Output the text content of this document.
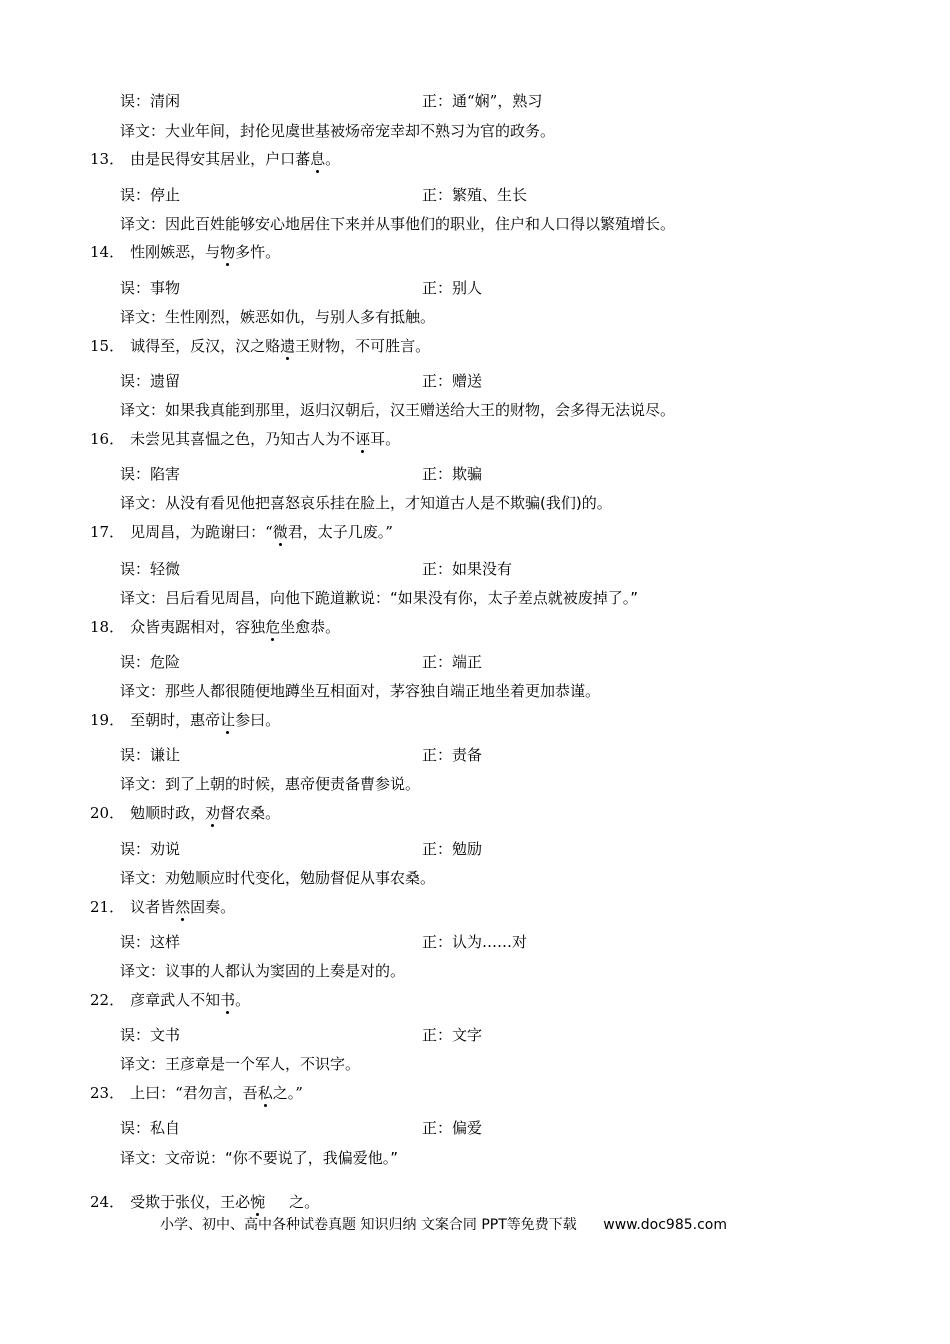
误：清闲	正：通“娴”，熟习
译文：大业年间，封伦见虞世基被炀帝宠幸却不熟习为官的政务。
13． 由是民得安其居业，户口蕃息。
误：停止	正：繁殖、生长
译文：因此百姓能够安心地居住下来并从事他们的职业，住户和人口得以繁殖增长。
14． 性刚嫉恶，与物多忤。
误：事物	正：别人
译文：生性刚烈，嫉恶如仇，与别人多有抵触。
15． 诚得至，反汉，汉之赂遗王财物，不可胜言。
误：遗留	正：赠送
译文：如果我真能到那里，返归汉朝后，汉王赠送给大王的财物，会多得无法说尽。
16． 未尝见其喜愠之色，乃知古人为不诬耳。
误：陷害	正：欺骗
译文：从没有看见他把喜怒哀乐挂在脸上，才知道古人是不欺骗(我们)的。
17． 见周昌，为跪谢曰：“微君，太子几废。”
误：轻微	正：如果没有
译文：吕后看见周昌，向他下跪道歉说：“如果没有你，太子差点就被废掉了。”
18． 众皆夷踞相对，容独危坐愈恭。
误：危险	正：端正
译文：那些人都很随便地蹲坐互相面对，茅容独自端正地坐着更加恭谨。
19． 至朝时，惠帝让参曰。
误：谦让	正：责备
译文：到了上朝的时候，惠帝便责备曹参说。
20． 勉顺时政，劝督农桑。
误：劝说	正：勉励
译文：劝勉顺应时代变化，勉励督促从事农桑。
21． 议者皆然固奏。
误：这样	正：认为……对
译文：议事的人都认为窦固的上奏是对的。
22． 彦章武人不知书。
误：文书	正：文字
译文：王彦章是一个军人，不识字。
23． 上曰：“君勿言，吾私之。”
误：私自	正：偏爱
译文：文帝说：“你不要说了，我偏爱他。”
24． 受欺于张仪，王必惋 之。
小学、初中、高中各种试卷真题 知识归纳 文案合同 PPT等免费下载 www.doc985.com
